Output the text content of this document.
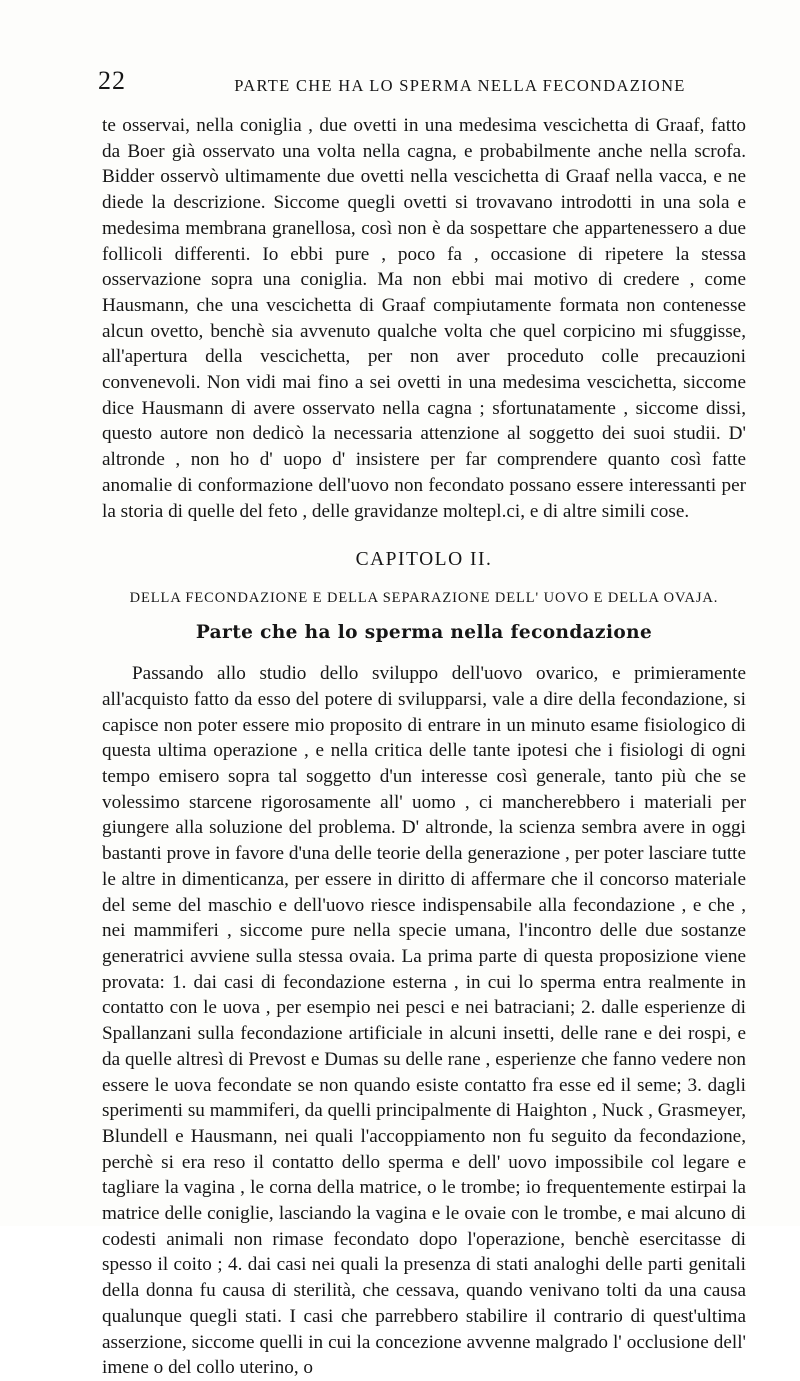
22	PARTE CHE HA LO SPERMA NELLA FECONDAZIONE

te osservai, nella coniglia , due ovetti in una medesima vescichetta di Graaf, fatto da Boer già osservato una volta nella cagna, e probabilmente anche nella scrofa. Bidder osservò ultimamente due ovetti nella vescichetta di Graaf nella vacca, e ne diede la descrizione. Siccome quegli ovetti si trovavano introdotti in una sola e medesima membrana granellosa, così non è da sospettare che appartenessero a due follicoli differenti. Io ebbi pure , poco fa , occasione di ripetere la stessa osservazione sopra una coniglia. Ma non ebbi mai motivo di credere , come Hausmann, che una vescichetta di Graaf compiutamente formata non contenesse alcun ovetto, benchè sia avvenuto qualche volta che quel corpicino mi sfuggisse, all'apertura della vescichetta, per non aver proceduto colle precauzioni convenevoli. Non vidi mai fino a sei ovetti in una medesima vescichetta, siccome dice Hausmann di avere osservato nella cagna ; sfortunatamente , siccome dissi, questo autore non dedicò la necessaria attenzione al soggetto dei suoi studii. D' altronde , non ho d' uopo d' insistere per far comprendere quanto così fatte anomalie di conformazione dell'uovo non fecondato possano essere interessanti per la storia di quelle del feto , delle gravidanze moltepl.ci, e di altre simili cose.

CAPITOLO II.
DELLA FECONDAZIONE E DELLA SEPARAZIONE DELL' UOVO E DELLA OVAJA.
Parte che ha lo sperma nella fecondazione

Passando allo studio dello sviluppo dell'uovo ovarico, e primieramente all'acquisto fatto da esso del potere di svilupparsi, vale a dire della fecondazione, si capisce non poter essere mio proposito di entrare in un minuto esame fisiologico di questa ultima operazione , e nella critica delle tante ipotesi che i fisiologi di ogni tempo emisero sopra tal soggetto d'un interesse così generale, tanto più che se volessimo starcene rigorosamente all' uomo , ci mancherebbero i materiali per giungere alla soluzione del problema. D' altronde, la scienza sembra avere in oggi bastanti prove in favore d'una delle teorie della generazione , per poter lasciare tutte le altre in dimenticanza, per essere in diritto di affermare che il concorso materiale del seme del maschio e dell'uovo riesce indispensabile alla fecondazione , e che , nei mammiferi , siccome pure nella specie umana, l'incontro delle due sostanze generatrici avviene sulla stessa ovaia. La prima parte di questa proposizione viene provata: 1. dai casi di fecondazione esterna , in cui lo sperma entra realmente in contatto con le uova , per esempio nei pesci e nei batraciani; 2. dalle esperienze di Spallanzani sulla fecondazione artificiale in alcuni insetti, delle rane e dei rospi, e da quelle altresì di Prevost e Dumas su delle rane , esperienze che fanno vedere non essere le uova fecondate se non quando esiste contatto fra esse ed il seme; 3. dagli sperimenti su mammiferi, da quelli principalmente di Haighton , Nuck , Grasmeyer, Blundell e Hausmann, nei quali l'accoppiamento non fu seguito da fecondazione, perchè si era reso il contatto dello sperma e dell' uovo impossibile col legare e tagliare la vagina , le corna della matrice, o le trombe; io frequentemente estirpai la matrice delle coniglie, lasciando la vagina e le ovaie con le trombe, e mai alcuno di codesti animali non rimase fecondato dopo l'operazione, benchè esercitasse di spesso il coito ; 4. dai casi nei quali la presenza di stati analoghi delle parti genitali della donna fu causa di sterilità, che cessava, quando venivano tolti da una causa qualunque quegli stati. I casi che parrebbero stabilire il contrario di quest'ultima asserzione, siccome quelli in cui la concezione avvenne malgrado l' occlusione dell' imene o del collo uterino, o
